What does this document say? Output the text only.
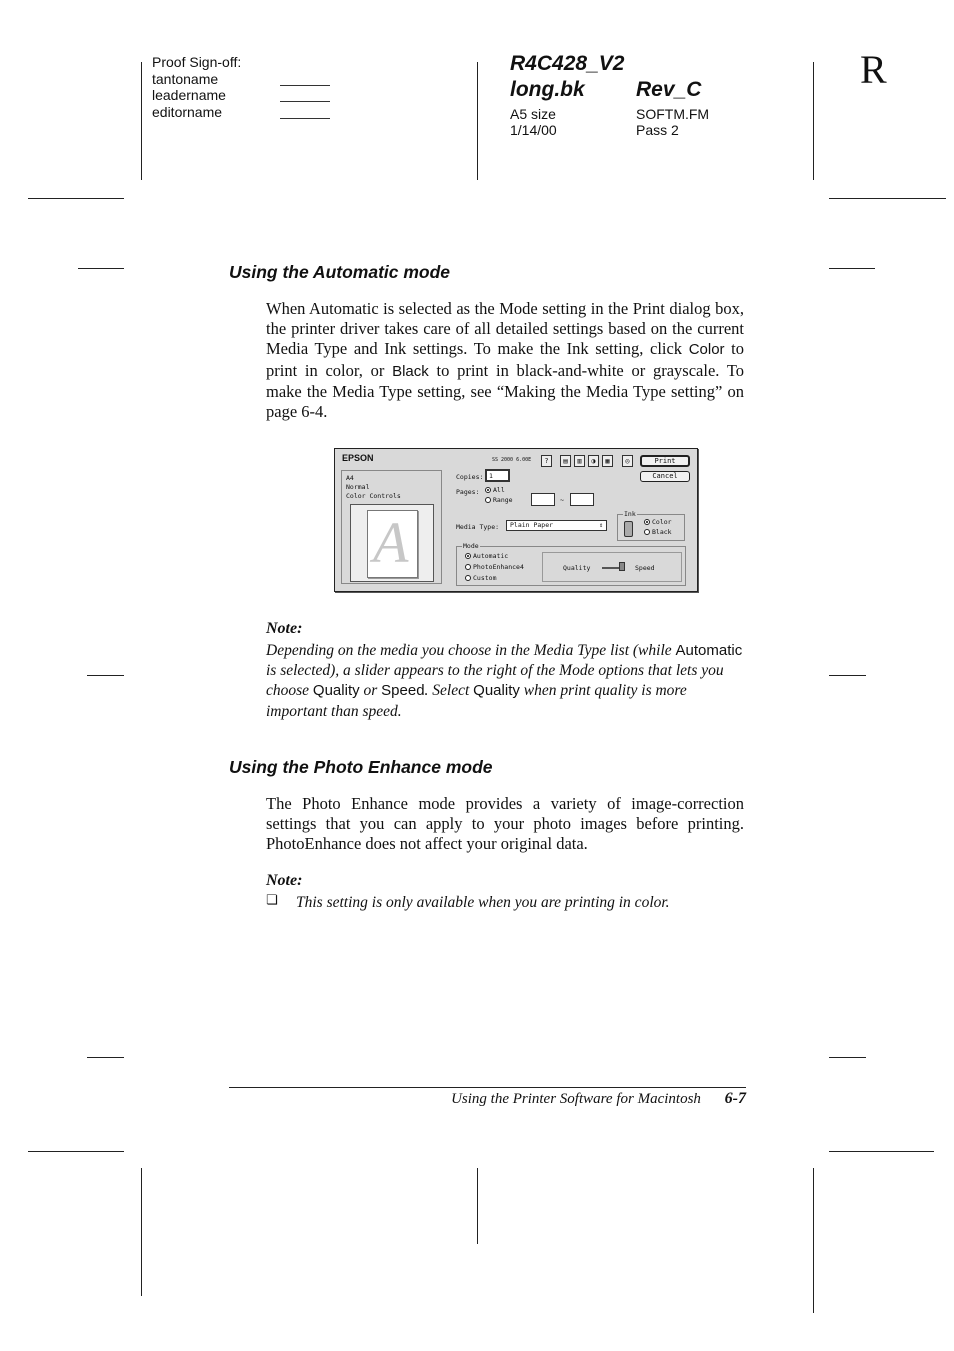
Proof Sign-off:
tantoname
leadername
editorname
R4C428_V2
long.bk Rev_C
A5 size
1/14/00
SOFTM.FM
Pass 2
R
Using the Automatic mode
When Automatic is selected as the Mode setting in the Print dialog box, the printer driver takes care of all detailed settings based on the current Media Type and Ink settings. To make the Ink setting, click Color to print in color, or Black to print in black-and-white or grayscale. To make the Media Type setting, see “Making the Media Type setting” on page 6-4.
EPSON	SS 2000 6.00E	?	▤	▥	◑	▦	◎	Print
Cancel
A4
Normal
Color Controls
A
Copies: 1
Pages:	All
Range	~
Media Type:	Plain Paper	⇕
Ink
Color
Black
Mode
Automatic
PhotoEnhance4
Custom
Quality	Speed
Note:
Depending on the media you choose in the Media Type list (while Automatic is selected), a slider appears to the right of the Mode options that lets you choose Quality or Speed. Select Quality when print quality is more important than speed.
Using the Photo Enhance mode
The Photo Enhance mode provides a variety of image-correction settings that you can apply to your photo images before printing. PhotoEnhance does not affect your original data.
Note:
❏ This setting is only available when you are printing in color.
Using the Printer Software for Macintosh 6-7
